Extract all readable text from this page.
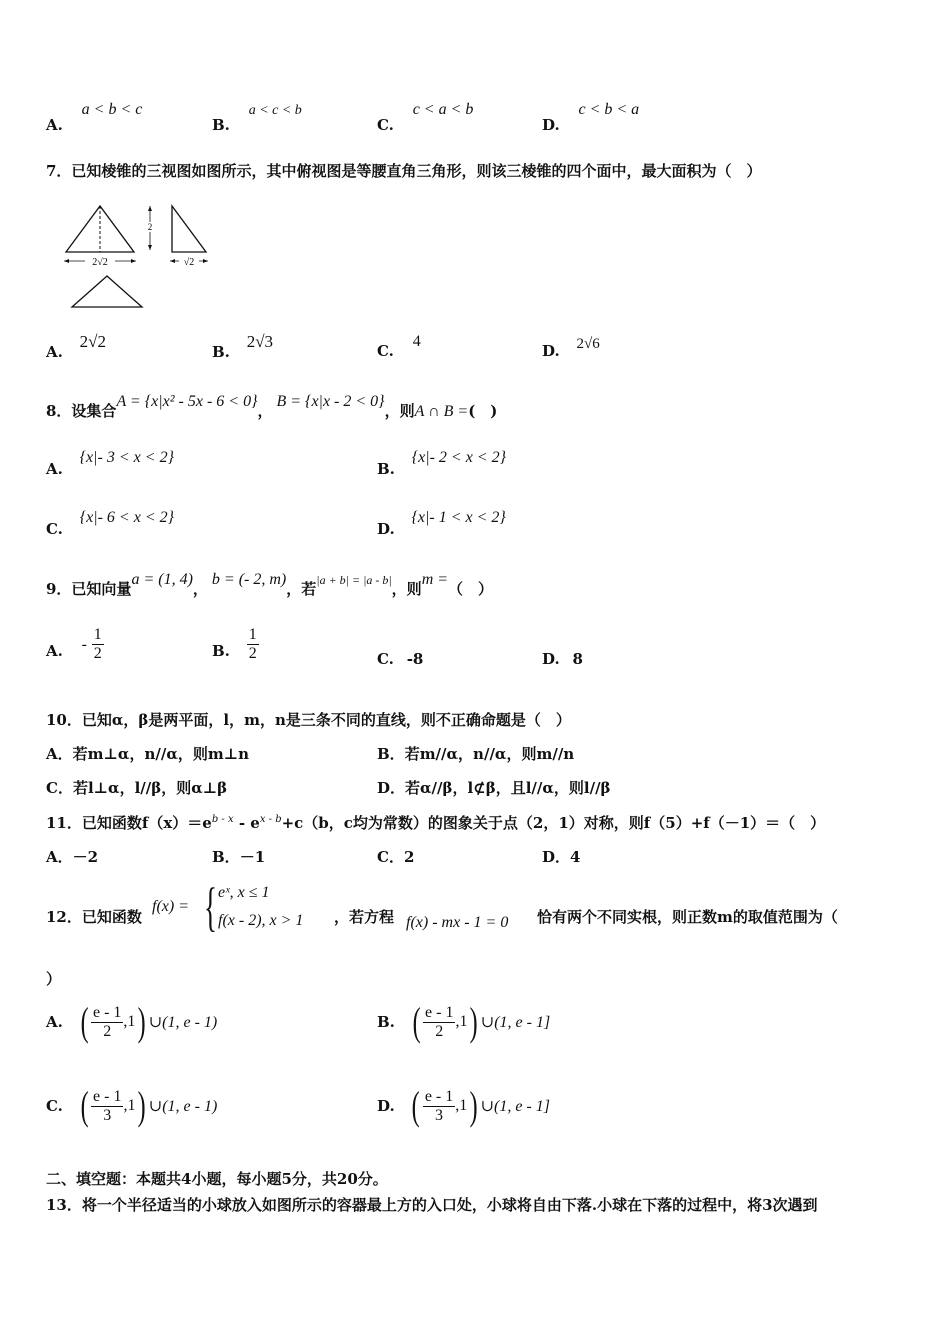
A. a < b < c
B. a < c < b
C. c < a < b
D. c < b < a
7．已知棱锥的三视图如图所示，其中俯视图是等腰直角三角形，则该三棱锥的四个面中，最大面积为（　）
2√2
2
√2
A. 2√2
B. 2√3	C. 4
D. 2√6
8．设集合A = {x|x² - 5x - 6 < 0}，B = {x|x - 2 < 0}，则A ∩ B =(　)
A. {x|- 3 < x < 2}
B. {x|- 2 < x < 2}
C. {x|- 6 < x < 2}
D. {x|- 1 < x < 2}
9．已知向量a = (1, 4)，b = (- 2, m)，若|a + b| = |a - b|，则m =（　）
A. - $\frac{1}{2}$	B. $\frac{1}{2}$	C. -8	D. 8
10．已知α，β是两平面，l，m，n是三条不同的直线，则不正确命题是（　）
A．若m⊥α，n//α，则m⊥n	B．若m//α，n//α，则m//n
C．若l⊥α，l//β，则α⊥β	D．若α//β，l⊄β，且l//α，则l//β
11．已知函数$f(x)=e^{b - x} - e^{x - b}+c(b$，c均为常数）的图象关于点（2，1）对称，则f（5）+f（－1）＝（　）
A．－2	B．－1	C．2	D．4
12．已知函数
f(x) = { eˣ, x ≤ 1
f(x - 2), x > 1 ，若方程 f(x) - mx - 1 = 0 恰有两个不同实根，则正数m的取值范围为（
）
A. ( $\frac{e - 1}{2} ,1$) ∪(1, e - 1)	B. ( $\frac{e - 1}{2} ,1$) ∪(1, e - 1]
C. ( $\frac{e - 1}{3} ,1$) ∪(1, e - 1)	D. ( $\frac{e - 1}{3} ,1$) ∪(1, e - 1]
二、填空题：本题共4小题，每小题5分，共20分。
13．将一个半径适当的小球放入如图所示的容器最上方的入口处，小球将自由下落.小球在下落的过程中，将3次遇到
